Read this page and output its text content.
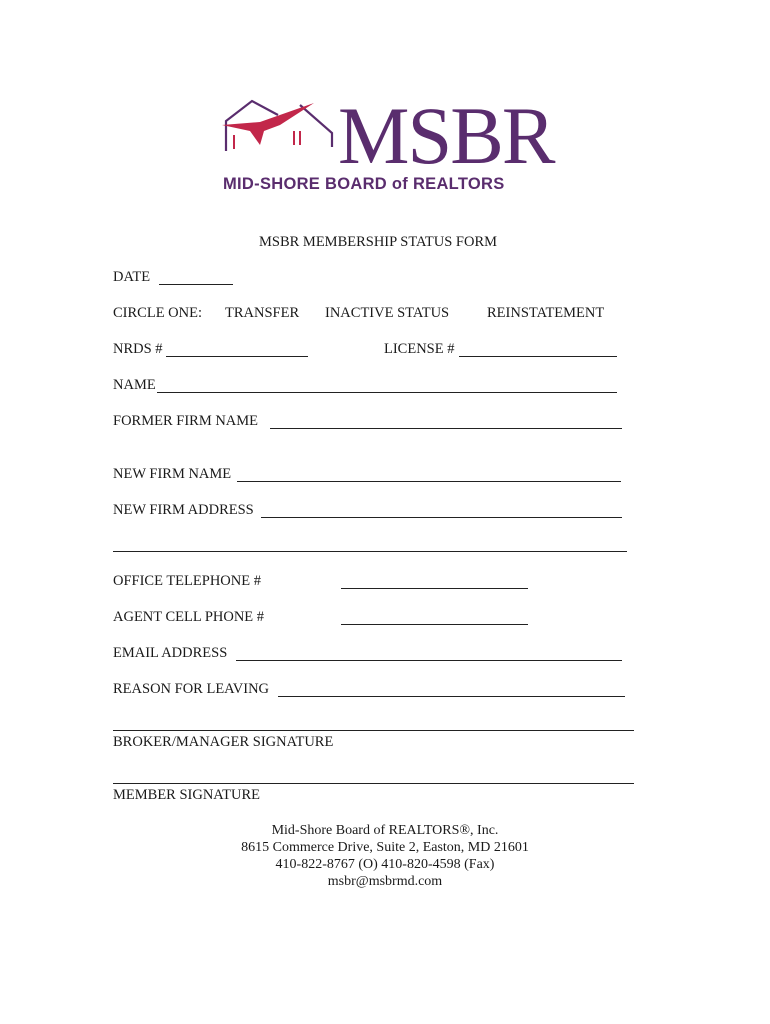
MSBR
MID-SHORE BOARD of REALTORS
MSBR MEMBERSHIP STATUS FORM
DATE
CIRCLE ONE: TRANSFER INACTIVE STATUS	REINSTATEMENT
NRDS #	LICENSE #
NAME
FORMER FIRM NAME
NEW FIRM NAME
NEW FIRM ADDRESS
OFFICE TELEPHONE #
AGENT CELL PHONE #
EMAIL ADDRESS
REASON FOR LEAVING
BROKER/MANAGER SIGNATURE
MEMBER SIGNATURE
Mid-Shore Board of REALTORS®, Inc.
8615 Commerce Drive, Suite 2, Easton, MD 21601
410-822-8767 (O) 410-820-4598 (Fax)
msbr@msbrmd.com
